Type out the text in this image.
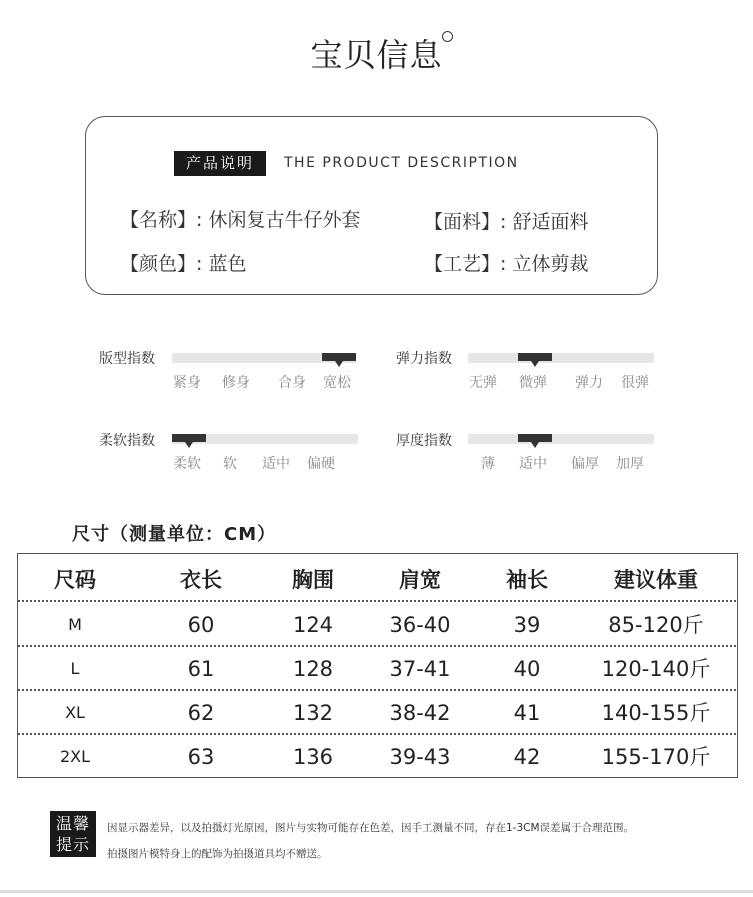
宝贝信息
产品说明	THE PRODUCT DESCRIPTION
【名称】: 休闲复古牛仔外套	【面料】: 舒适面料
【颜色】: 蓝色	【工艺】: 立体剪裁
版型指数
紧身 修身 合身 宽松
弹力指数
无弹 微弹 弹力 很弹
柔软指数
柔软 软 适中 偏硬
厚度指数
薄 适中 偏厚 加厚
尺寸（测量单位：CM）
尺码	衣长	胸围	肩宽	袖长	建议体重
M	60	124	36-40	39	85-120斤
L	61	128	37-41	40	120-140斤
XL	62	132	38-42	41	140-155斤
2XL	63	136	39-43	42	155-170斤
温馨
提示
因显示器差异，以及拍摄灯光原因，图片与实物可能存在色差，因手工测量不同，存在1-3CM误差属于合理范围。
拍摄图片模特身上的配饰为拍摄道具均不赠送。
